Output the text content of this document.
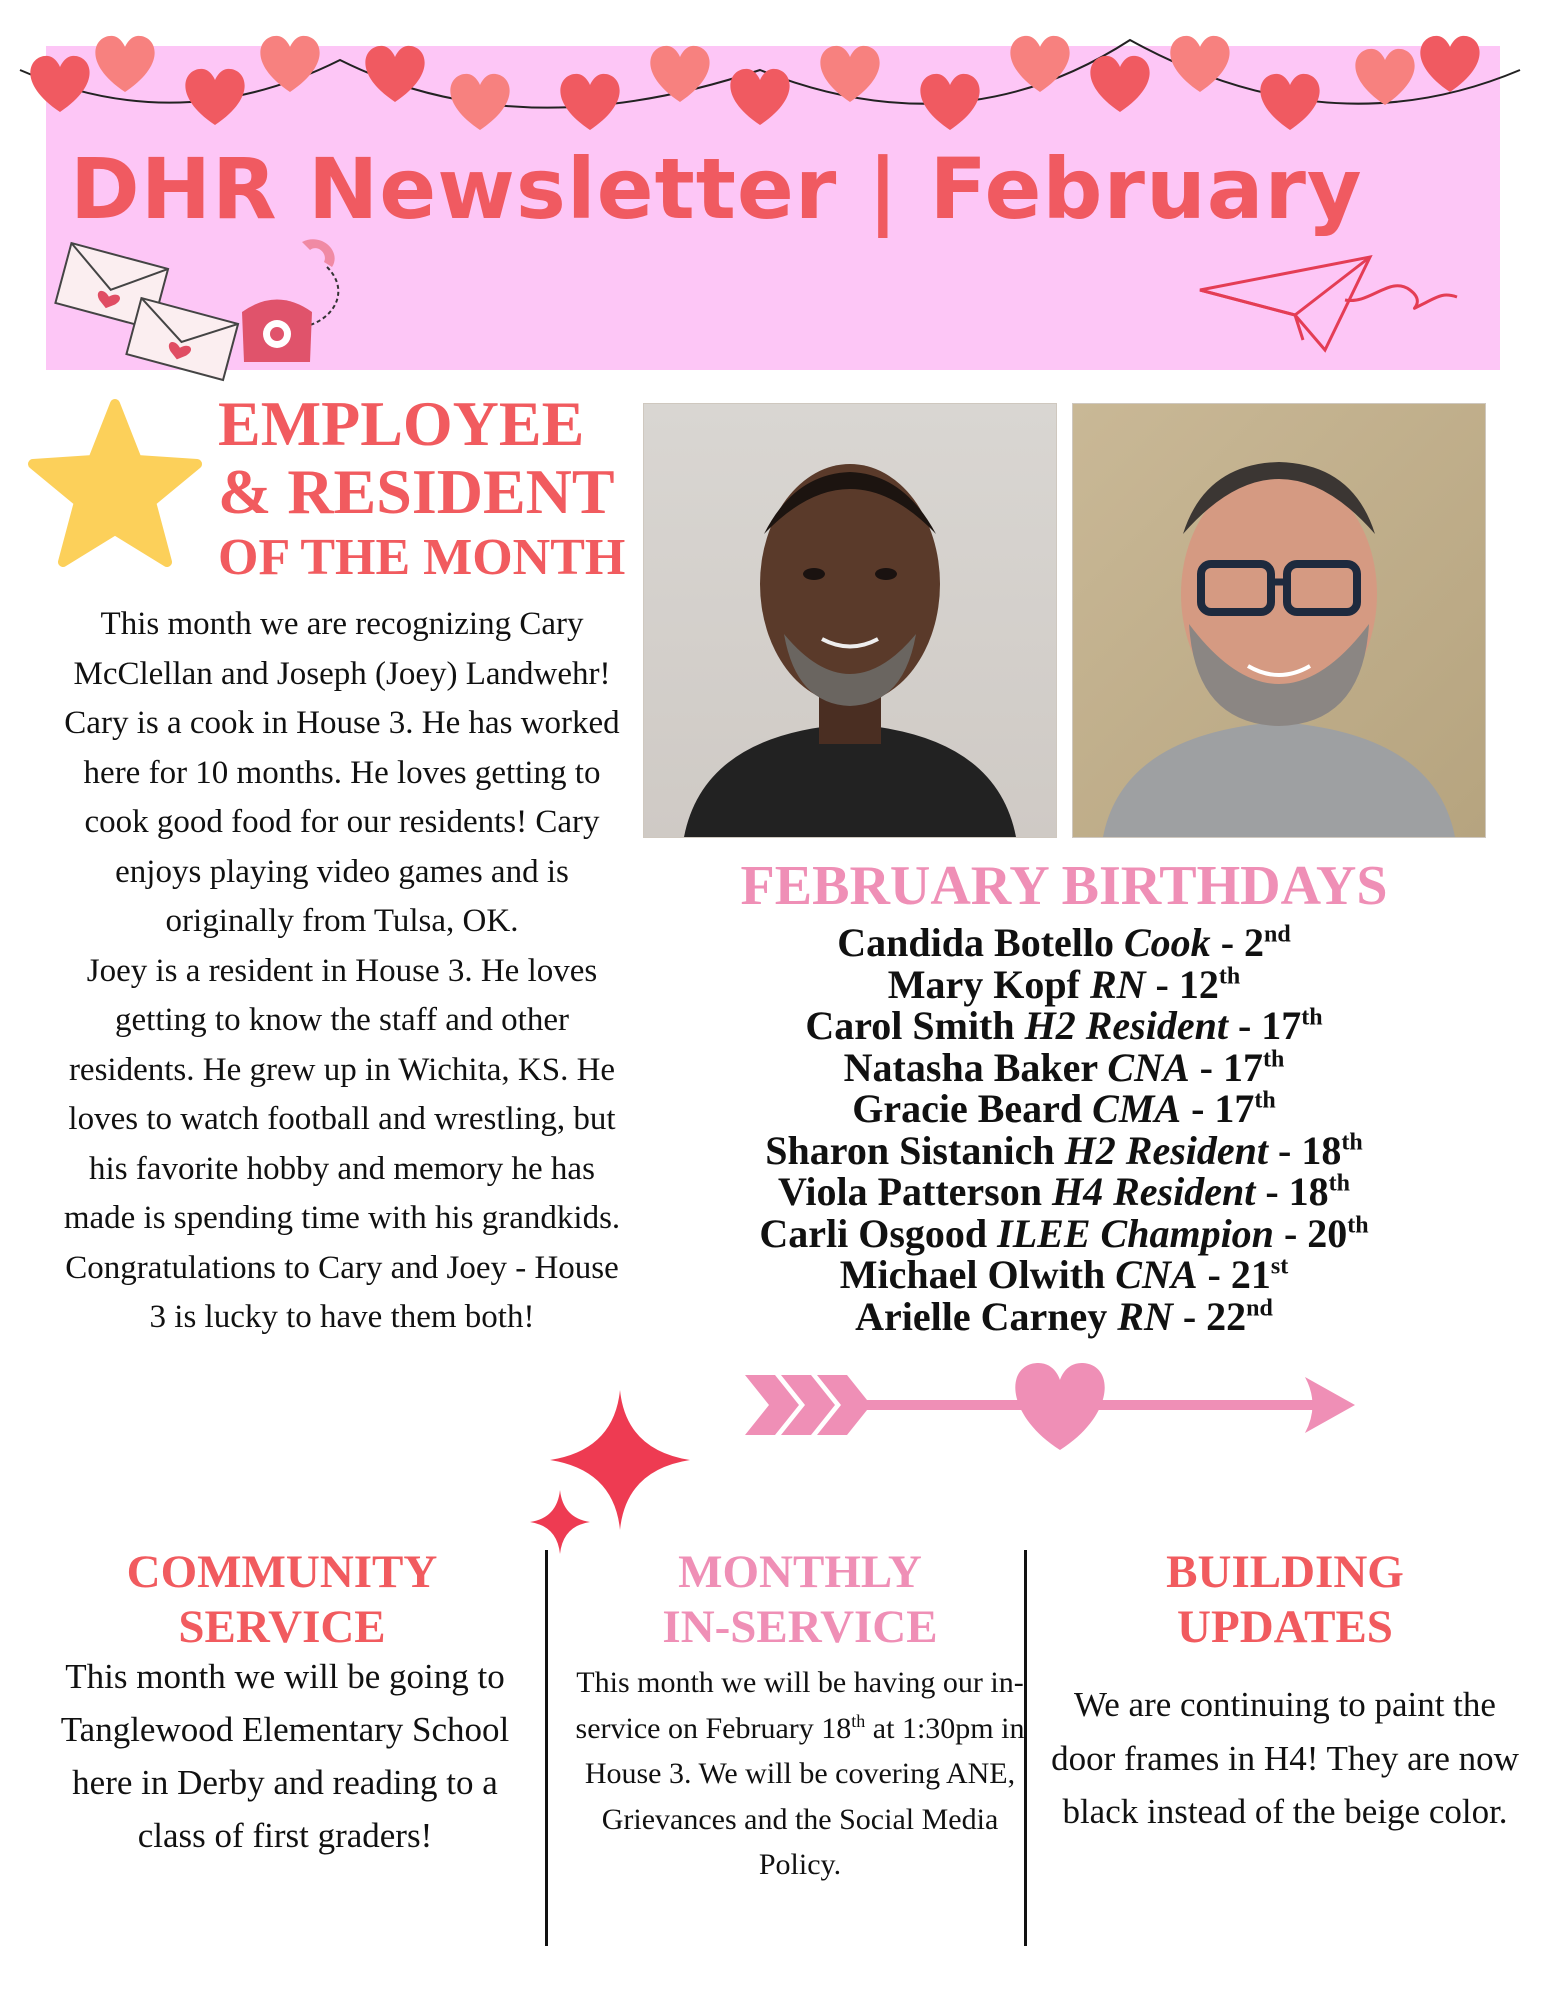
DHR Newsletter | February
EMPLOYEE
& RESIDENT
OF THE MONTH
This month we are recognizing Cary McClellan and Joseph (Joey) Landwehr! Cary is a cook in House 3. He has worked here for 10 months. He loves getting to cook good food for our residents! Cary enjoys playing video games and is originally from Tulsa, OK.
Joey is a resident in House 3. He loves getting to know the staff and other residents. He grew up in Wichita, KS. He loves to watch football and wrestling, but his favorite hobby and memory he has made is spending time with his grandkids. Congratulations to Cary and Joey - House 3 is lucky to have them both!
FEBRUARY BIRTHDAYS
Candida Botello Cook - 2nd
Mary Kopf RN - 12th
Carol Smith H2 Resident - 17th
Natasha Baker CNA - 17th
Gracie Beard CMA - 17th
Sharon Sistanich H2 Resident - 18th
Viola Patterson H4 Resident - 18th
Carli Osgood ILEE Champion - 20th
Michael Olwith CNA - 21st
Arielle Carney RN - 22nd
COMMUNITY
SERVICE
This month we will be going to Tanglewood Elementary School here in Derby and reading to a class of first graders!
MONTHLY
IN-SERVICE
This month we will be having our in-service on February 18th at 1:30pm in House 3. We will be covering ANE, Grievances and the Social Media Policy.
BUILDING
UPDATES
We are continuing to paint the door frames in H4! They are now black instead of the beige color.
